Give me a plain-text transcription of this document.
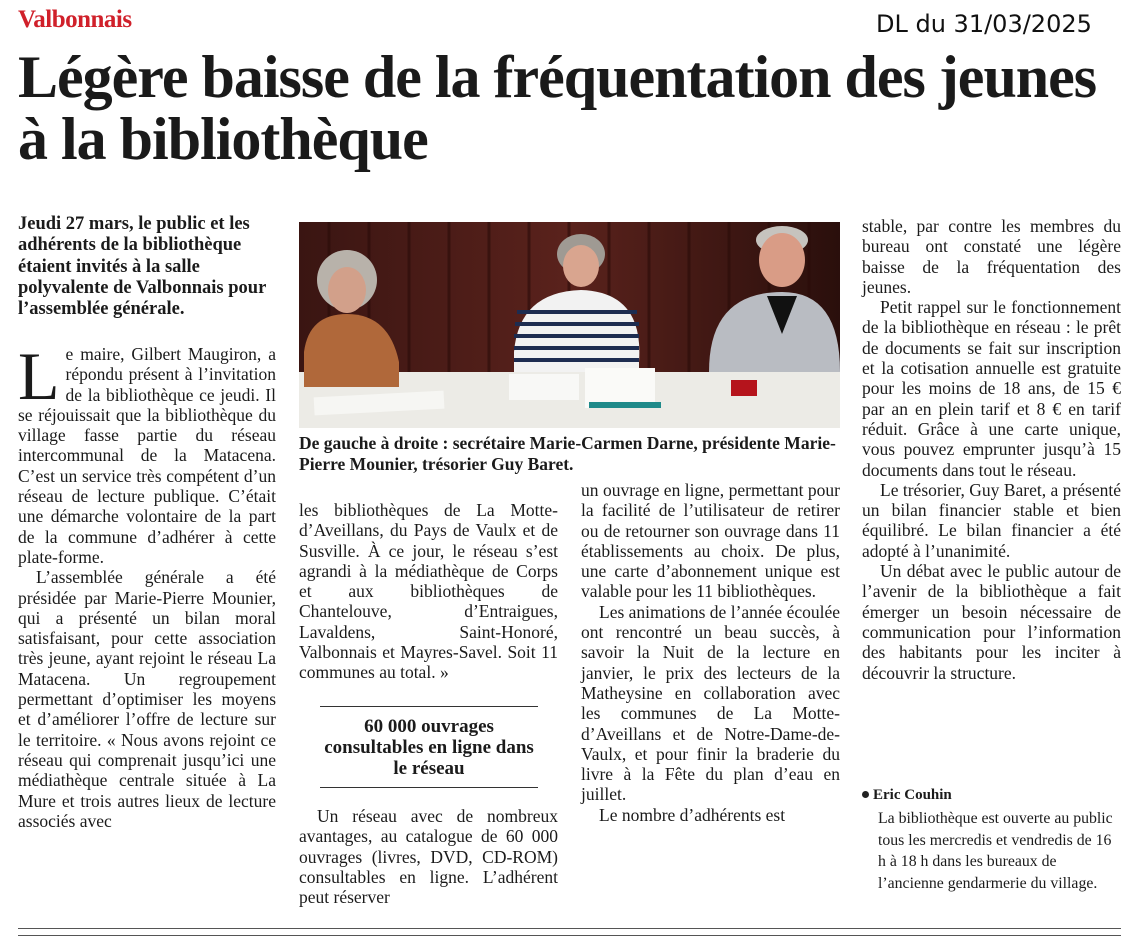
Valbonnais	DL du 31/03/2025
Légère baisse de la fréquentation des jeunes à la bibliothèque

Jeudi 27 mars, le public et les adhérents de la bibliothèque étaient invités à la salle polyvalente de Valbonnais pour l’assemblée générale.

Le maire, Gilbert Maugiron, a répondu présent à l’invitation de la bibliothèque ce jeudi. Il se réjouissait que la bibliothèque du village fasse partie du réseau intercommunal de la Matacena. C’est un service très compétent d’un réseau de lecture publique. C’était une démarche volontaire de la part de la commune d’adhérer à cette plate-forme.

L’assemblée générale a été présidée par Marie-Pierre Mounier, qui a présenté un bilan moral satisfaisant, pour cette association très jeune, ayant rejoint le réseau La Matacena. Un regroupement permettant d’optimiser les moyens et d’améliorer l’offre de lecture sur le territoire. « Nous avons rejoint ce réseau qui comprenait jusqu’ici une médiathèque centrale située à La Mure et trois autres lieux de lecture associés avec

De gauche à droite : secrétaire Marie-Carmen Darne, présidente Marie-Pierre Mounier, trésorier Guy Baret.

les bibliothèques de La Motte-d’Aveillans, du Pays de Vaulx et de Susville. À ce jour, le réseau s’est agrandi à la médiathèque de Corps et aux bibliothèques de Chantelouve, d’Entraigues, Lavaldens, Saint-Honoré, Valbonnais et Mayres-Savel. Soit 11 communes au total. »

60 000 ouvrages consultables en ligne dans le réseau

Un réseau avec de nombreux avantages, au catalogue de 60 000 ouvrages (livres, DVD, CD-ROM) consultables en ligne. L’adhérent peut réserver

un ouvrage en ligne, permettant pour la facilité de l’utilisateur de retirer ou de retourner son ouvrage dans 11 établissements au choix. De plus, une carte d’abonnement unique est valable pour les 11 bibliothèques.

Les animations de l’année écoulée ont rencontré un beau succès, à savoir la Nuit de la lecture en janvier, le prix des lecteurs de la Matheysine en collaboration avec les communes de La Motte-d’Aveillans et de Notre-Dame-de-Vaulx, et pour finir la braderie du livre à la Fête du plan d’eau en juillet.

Le nombre d’adhérents est

stable, par contre les membres du bureau ont constaté une légère baisse de la fréquentation des jeunes.

Petit rappel sur le fonctionnement de la bibliothèque en réseau : le prêt de documents se fait sur inscription et la cotisation annuelle est gratuite pour les moins de 18 ans, de 15 € par an en plein tarif et 8 € en tarif réduit. Grâce à une carte unique, vous pouvez emprunter jusqu’à 15 documents dans tout le réseau.

Le trésorier, Guy Baret, a présenté un bilan financier stable et bien équilibré. Le bilan financier a été adopté à l’unanimité.

Un débat avec le public autour de l’avenir de la bibliothèque a fait émerger un besoin nécessaire de communication pour l’information des habitants pour les inciter à découvrir la structure.

Eric Couhin

La bibliothèque est ouverte au public tous les mercredis et vendredis de 16 h à 18 h dans les bureaux de l’ancienne gendarmerie du village.
